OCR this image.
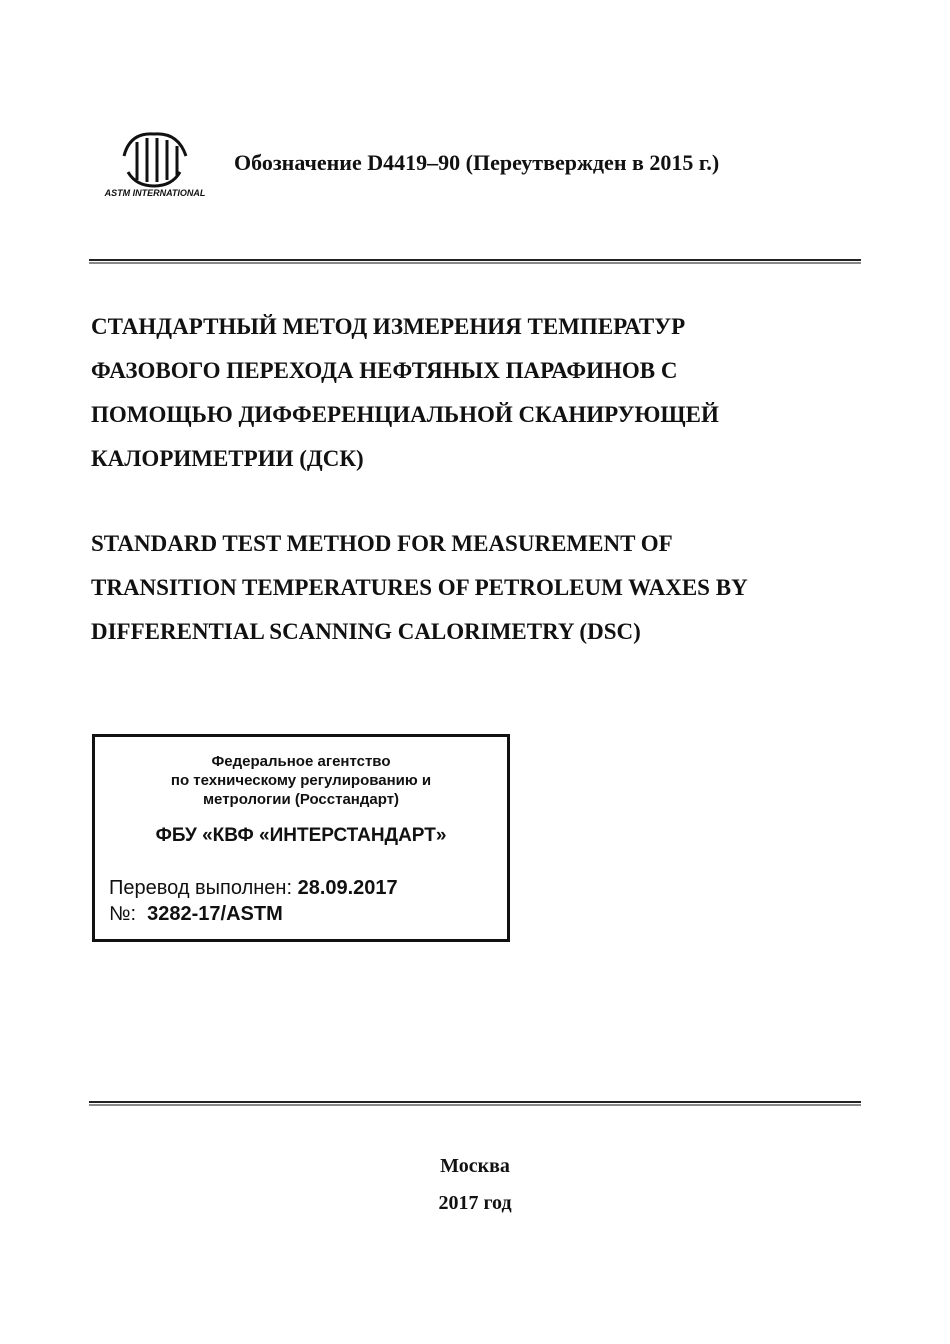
ASTM INTERNATIONAL
Обозначение D4419–90 (Переутвержден в 2015 г.)
СТАНДАРТНЫЙ МЕТОД ИЗМЕРЕНИЯ ТЕМПЕРАТУР
ФАЗОВОГО ПЕРЕХОДА НЕФТЯНЫХ ПАРАФИНОВ С
ПОМОЩЬЮ ДИФФЕРЕНЦИАЛЬНОЙ СКАНИРУЮЩЕЙ
КАЛОРИМЕТРИИ (ДСК)
STANDARD TEST METHOD FOR MEASUREMENT OF
TRANSITION TEMPERATURES OF PETROLEUM WAXES BY
DIFFERENTIAL SCANNING CALORIMETRY (DSC)
Федеральное агентство
по техническому регулированию и
метрологии (Росстандарт)
ФБУ «КВФ «ИНТЕРСТАНДАРТ»
Перевод выполнен: 28.09.2017
№: 3282-17/ASTM
Москва
2017 год
